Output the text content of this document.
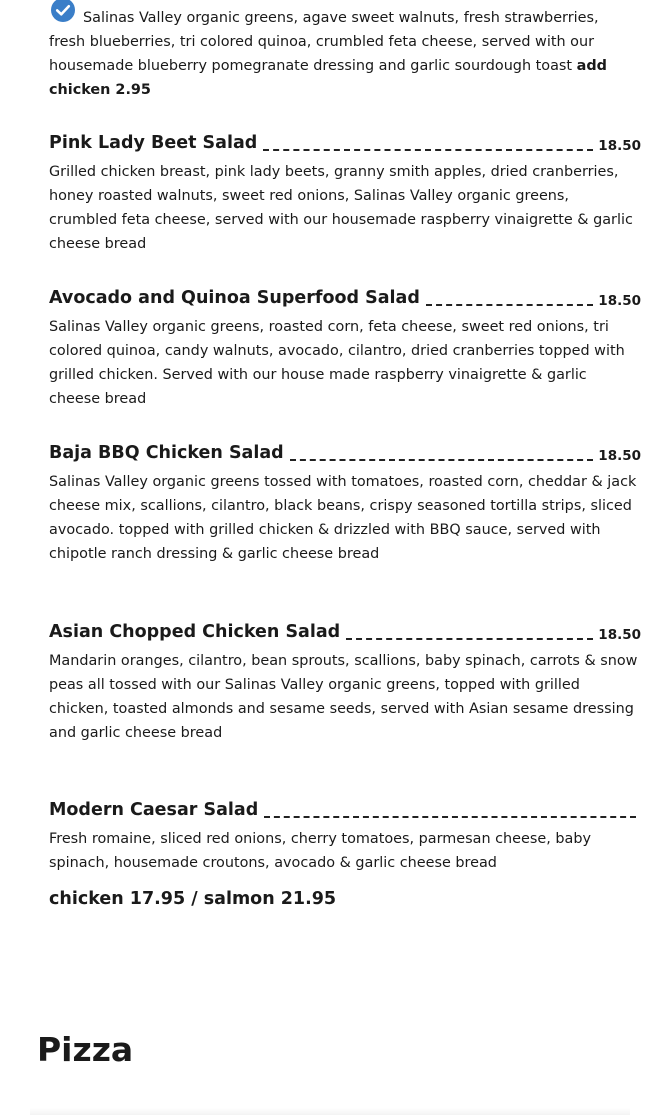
Salinas Valley organic greens, agave sweet walnuts, fresh strawberries, fresh blueberries, tri colored quinoa, crumbled feta cheese, served with our housemade blueberry pomegranate dressing and garlic sourdough toast add chicken 2.95

Pink Lady Beet Salad	18.50

Grilled chicken breast, pink lady beets, granny smith apples, dried cranberries, honey roasted walnuts, sweet red onions, Salinas Valley organic greens, crumbled feta cheese, served with our housemade raspberry vinaigrette & garlic cheese bread

Avocado and Quinoa Superfood Salad	18.50

Salinas Valley organic greens, roasted corn, feta cheese, sweet red onions, tri colored quinoa, candy walnuts, avocado, cilantro, dried cranberries topped with grilled chicken. Served with our house made raspberry vinaigrette & garlic cheese bread

Baja BBQ Chicken Salad	18.50

Salinas Valley organic greens tossed with tomatoes, roasted corn, cheddar & jack cheese mix, scallions, cilantro, black beans, crispy seasoned tortilla strips, sliced avocado. topped with grilled chicken & drizzled with BBQ sauce, served with chipotle ranch dressing & garlic cheese bread

Asian Chopped Chicken Salad	18.50

Mandarin oranges, cilantro, bean sprouts, scallions, baby spinach, carrots & snow peas all tossed with our Salinas Valley organic greens, topped with grilled chicken, toasted almonds and sesame seeds, served with Asian sesame dressing and garlic cheese bread

Modern Caesar Salad

Fresh romaine, sliced red onions, cherry tomatoes, parmesan cheese, baby spinach, housemade croutons, avocado & garlic cheese bread

chicken 17.95 / salmon 21.95

Pizza
